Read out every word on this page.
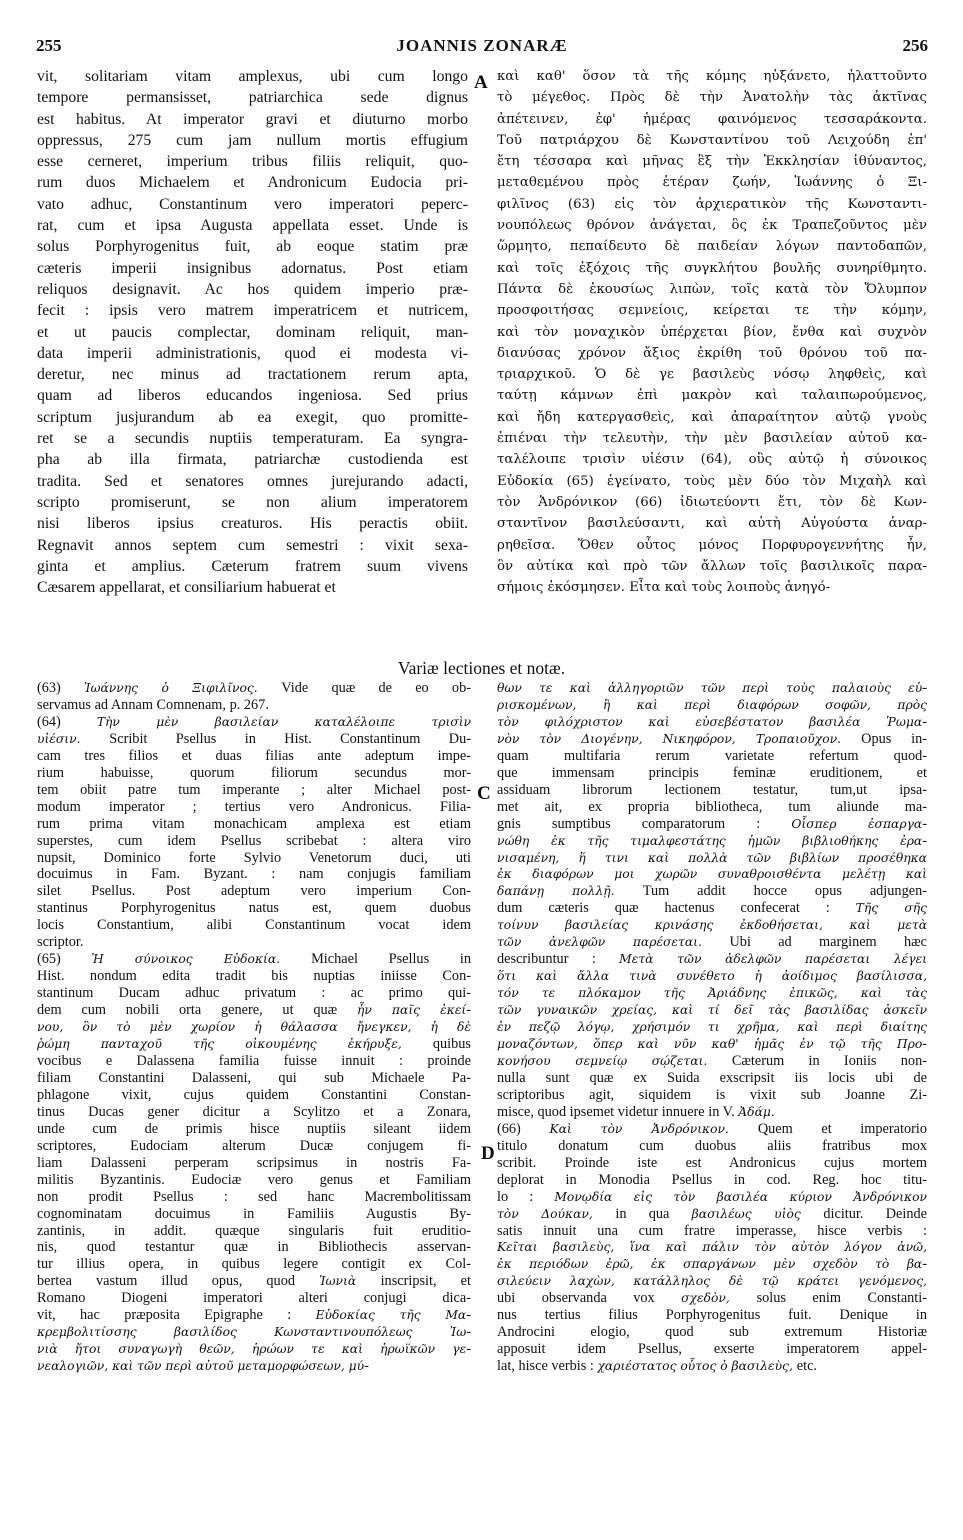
255	JOANNIS ZONARÆ	256
A
C
D
vit, solitariam vitam amplexus, ubi cum longo
tempore permansisset, patriarchica sede dignus
est habitus. At imperator gravi et diuturno morbo
oppressus, 275 cum jam nullum mortis effugium
esse cerneret, imperium tribus filiis reliquit, quo-
rum duos Michaelem et Andronicum Eudocia pri-
vato adhuc, Constantinum vero imperatori peperc-
rat, cum et ipsa Augusta appellata esset. Unde is
solus Porphyrogenitus fuit, ab eoque statim præ
cæteris imperii insignibus adornatus. Post etiam
reliquos designavit. Ac hos quidem imperio præ-
fecit : ipsis vero matrem imperatricem et nutricem,
et ut paucis complectar, dominam reliquit, man-
data imperii administrationis, quod ei modesta vi-
deretur, nec minus ad tractationem rerum apta,
quam ad liberos educandos ingeniosa. Sed prius
scriptum jusjurandum ab ea exegit, quo promitte-
ret se a secundis nuptiis temperaturam. Ea syngra-
pha ab illa firmata, patriarchæ custodienda est
tradita. Sed et senatores omnes jurejurando adacti,
scripto promiserunt, se non alium imperatorem
nisi liberos ipsius creaturos. His peractis obiit.
Regnavit annos septem cum semestri : vixit sexa-
ginta et amplius. Cæterum fratrem suum vivens
Cæsarem appellarat, et consiliarium habuerat et
καὶ καθ' ὅσον τὰ τῆς κόμης ηὐξάνετο, ἠλαττοῦντο
τὸ μέγεθος. Πρὸς δὲ τὴν Ἀνατολὴν τὰς ἀκτῖνας
ἀπέτεινεν, ἐφ' ἡμέρας φαινόμενος τεσσαράκοντα.
Τοῦ πατριάρχου δὲ Κωνσταντίνου τοῦ Λειχούδη ἐπ'
ἔτη τέσσαρα καὶ μῆνας ἓξ τὴν Ἐκκλησίαν ἰθύναντος,
μεταθεμένου πρὸς ἑτέραν ζωήν, Ἰωάννης ὁ Ξι-
φιλῖνος (63) εἰς τὸν ἀρχιερατικὸν τῆς Κωνσταντι-
νουπόλεως θρόνον ἀνάγεται, ὃς ἐκ Τραπεζοῦντος μὲν
ὥρμητο, πεπαίδευτο δὲ παιδείαν λόγων παντοδαπῶν,
καὶ τοῖς ἐξόχοις τῆς συγκλήτου βουλῆς συνηρίθμητο.
Πάντα δὲ ἑκουσίως λιπὼν, τοῖς κατὰ τὸν Ὄλυμπον
προσφοιτήσας σεμνείοις, κείρεται τε τὴν κόμην,
καὶ τὸν μοναχικὸν ὑπέρχεται βίον, ἔνθα καὶ συχνὸν
διανύσας χρόνον ἄξιος ἐκρίθη τοῦ θρόνου τοῦ πα-
τριαρχικοῦ. Ὁ δὲ γε βασιλεὺς νόσῳ ληφθεὶς, καὶ
ταύτῃ κάμνων ἐπὶ μακρὸν καὶ ταλαιπωρούμενος,
καὶ ἤδη κατεργασθεὶς, καὶ ἀπαραίτητον αὐτῷ γνοὺς
ἐπιέναι τὴν τελευτὴν, τὴν μὲν βασιλείαν αὐτοῦ κα-
ταλέλοιπε τρισὶν υἱέσιν (64), οὓς αὐτῷ ἡ σύνοικος
Εὐδοκία (65) ἐγείνατο, τοὺς μὲν δύο τὸν Μιχαὴλ καὶ
τὸν Ἀνδρόνικον (66) ἰδιωτεύοντι ἔτι, τὸν δὲ Κων-
σταντῖνον βασιλεύσαντι, καὶ αὐτὴ Αὐγούστα ἀναρ-
ρηθεῖσα. Ὅθεν οὗτος μόνος Πορφυρογεννήτης ἦν,
ὃν αὐτίκα καὶ πρὸ τῶν ἄλλων τοῖς βασιλικοῖς παρα-
σήμοις ἐκόσμησεν. Εἶτα καὶ τοὺς λοιποὺς ἀνηγό-
Variæ lectiones et notæ.
(63) Ἰωάννης ὁ Ξιφιλῖνος. Vide quæ de eo ob-
servamus ad Annam Comnenam, p. 267.
(64) Τὴν μὲν βασιλείαν καταλέλοιπε τρισὶν
υἱέσιν. Scribit Psellus in Hist. Constantinum Du-
cam tres filios et duas filias ante adeptum impe-
rium habuisse, quorum filiorum secundus mor-
tem obiit patre tum imperante ; alter Michael post-
modum imperator ; tertius vero Andronicus. Filia-
rum prima vitam monachicam amplexa est etiam
superstes, cum idem Psellus scribebat : altera viro
nupsit, Dominico forte Sylvio Venetorum duci, uti
docuimus in Fam. Byzant. : nam conjugis familiam
silet Psellus. Post adeptum vero imperium Con-
stantinus Porphyrogenitus natus est, quem duobus
locis Constantium, alibi Constantinum vocat idem
scriptor.
(65) Ἡ σύνοικος Εὐδοκία. Michael Psellus in
Hist. nondum edita tradit bis nuptias iniisse Con-
stantinum Ducam adhuc privatum : ac primo qui-
dem cum nobili orta genere, ut quæ ἦν παῖς ἐκεί-
νου, ὃν τὸ μὲν χωρίον ἡ θάλασσα ἤνεγκεν, ἡ δὲ
ῥώμη πανταχοῦ τῆς οἰκουμένης ἐκήρυξε, quibus
vocibus e Dalassena familia fuisse innuit : proinde
filiam Constantini Dalasseni, qui sub Michaele Pa-
phlagone vixit, cujus quidem Constantini Constan-
tinus Ducas gener dicitur a Scylitzo et a Zonara,
unde cum de primis hisce nuptiis sileant iidem
scriptores, Eudociam alterum Ducæ conjugem fi-
liam Dalasseni perperam scripsimus in nostris Fa-
militis Byzantinis. Eudociæ vero genus et Familiam
non prodit Psellus : sed hanc Macrembolitissam
cognominatam docuimus in Familiis Augustis By-
zantinis, in addit. quæque singularis fuit eruditio-
nis, quod testantur quæ in Bibliothecis asservan-
tur illius opera, in quibus legere contigit ex Col-
bertea vastum illud opus, quod Ἰωνιὰ inscripsit, et
Romano Diogeni imperatori alteri conjugi dica-
vit, hac præposita Epigraphe : Εὐδοκίας τῆς Μα-
κρεμβολιτίσσης βασιλίδος Κωνσταντινουπόλεως Ἰω-
νιὰ ἤτοι συναγωγὴ θεῶν, ἡρώων τε καὶ ἡρωϊκῶν γε-
νεαλογιῶν, καὶ τῶν περὶ αὐτοῦ μεταμορφώσεων, μύ-
θων τε καὶ ἀλληγοριῶν τῶν περὶ τοὺς παλαιοὺς εὑ-
ρισκομένων, ἢ καὶ περὶ διαφόρων σοφῶν, πρὸς
τὸν φιλόχριστον καὶ εὐσεβέστατον βασιλέα Ῥωμα-
νὸν τὸν Διογένην, Νικηφόρον, Τροπαιοῦχον. Opus in-
quam multifaria rerum varietate refertum quod-
que immensam principis feminæ eruditionem, et
assiduam librorum lectionem testatur, tum,ut ipsa-
met ait, ex propria bibliotheca, tum aliunde ma-
gnis sumptibus comparatorum : Οἷσπερ ἐσπαργα-
νώθη ἐκ τῆς τιμαλφεστάτης ἡμῶν βιβλιοθήκης ἐρα-
νισαμένη, ἥ τινι καὶ πολλὰ τῶν βιβλίων προσέθηκα
ἐκ διαφόρων μοι χωρῶν συναθροισθέντα μελέτῃ καὶ
δαπάνῃ πολλῇ. Tum addit hocce opus adjungen-
dum cæteris quæ hactenus confecerat : Τῆς σῆς
τοίνυν βασιλείας κρινάσης ἐκδοθήσεται, καὶ μετὰ
τῶν ἀνελφῶν παρέσεται. Ubi ad marginem hæc
describuntur : Μετὰ τῶν ἀδελφῶν παρέσεται λέγει
ὅτι καὶ ἄλλα τινὰ συνέθετο ἡ ἀοίδιμος βασίλισσα,
τόν τε πλόκαμον τῆς Ἀριάδνης ἐπικῶς, καὶ τὰς
τῶν γυναικῶν χρείας, καὶ τί δεῖ τὰς βασιλίδας ἀσκεῖν
ἐν πεζῷ λόγῳ, χρήσιμόν τι χρῆμα, καὶ περὶ διαίτης
μοναζόντων, ὅπερ καὶ νῦν καθ' ἡμᾶς ἐν τῷ τῆς Προ-
κονήσου σεμνείῳ σῴζεται. Cæterum in Ioniis non-
nulla sunt quæ ex Suida exscripsit iis locis ubi de
scriptoribus agit, siquidem is vixit sub Joanne Zi-
misce, quod ipsemet videtur innuere in V. Ἀδάμ.
(66) Καὶ τὸν Ἀνδρόνικον. Quem et imperatorio
titulo donatum cum duobus aliis fratribus mox
scribit. Proinde iste est Andronicus cujus mortem
deplorat in Monodia Psellus in cod. Reg. hoc titu-
lo : Μονῳδία εἰς τὸν βασιλέα κύριον Ἀνδρόνικον
τὸν Δούκαν, in qua βασιλέως υἱὸς dicitur. Deinde
satis innuit una cum fratre imperasse, hisce verbis :
Κεῖται βασιλεὺς, ἵνα καὶ πάλιν τὸν αὐτὸν λόγον ἀνῶ,
ἐκ περιόδων ἐρῶ, ἐκ σπαργάνων μὲν σχεδὸν τὸ βα-
σιλεύειν λαχὼν, κατάλληλος δὲ τῷ κράτει γενόμενος,
ubi observanda vox σχεδὸν, solus enim Constanti-
nus tertius filius Porphyrogenitus fuit. Denique in
Androcini elogio, quod sub extremum Historiæ
apposuit idem Psellus, exserte imperatorem appel-
lat, hisce verbis : χαριέστατος οὗτος ὁ βασιλεὺς, etc.
